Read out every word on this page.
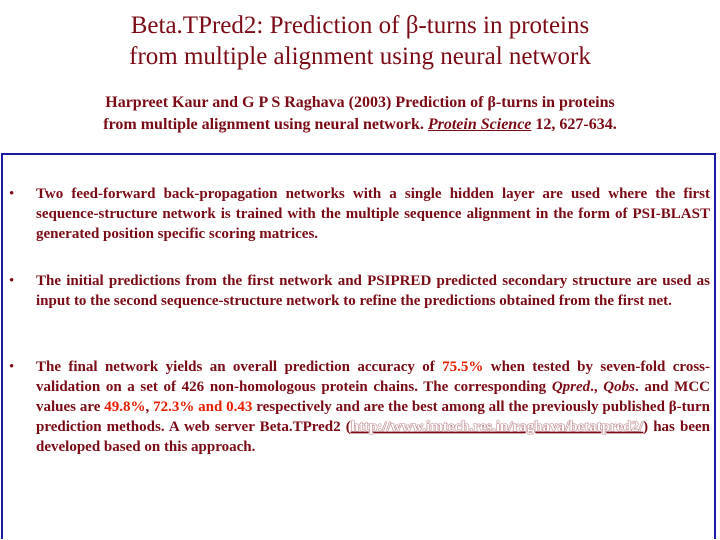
Beta.TPred2: Prediction of β-turns in proteins
from multiple alignment using neural network
Harpreet Kaur and G P S Raghava (2003) Prediction of β-turns in proteins
from multiple alignment using neural network. Protein Science 12, 627-634.
• Two feed-forward back-propagation networks with a single hidden layer are used where the first sequence-structure network is trained with the multiple sequence alignment in the form of PSI-BLAST generated position specific scoring matrices.
• The initial predictions from the first network and PSIPRED predicted secondary structure are used as input to the second sequence-structure network to refine the predictions obtained from the first net.
• The final network yields an overall prediction accuracy of 75.5% when tested by seven-fold cross-validation on a set of 426 non-homologous protein chains. The corresponding Qpred., Qobs. and MCC values are 49.8%, 72.3% and 0.43 respectively and are the best among all the previously published β-turn prediction methods. A web server Beta.TPred2 (http://www.imtech.res.in/raghava/betatpred2/) has been developed based on this approach.
